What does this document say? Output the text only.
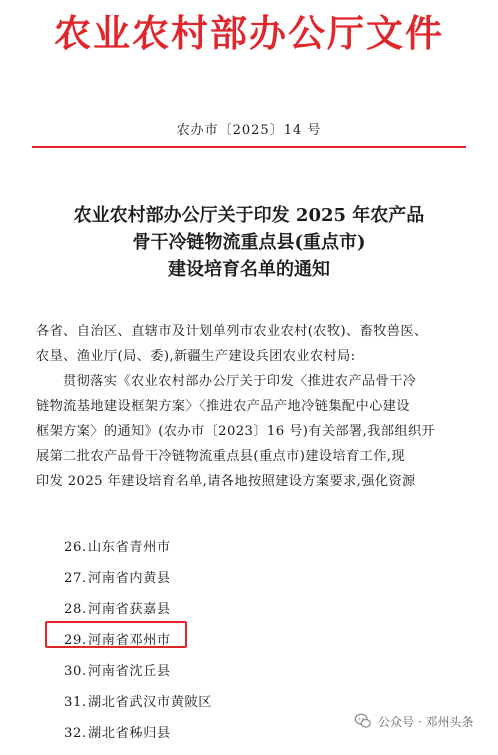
农业农村部办公厅文件
农办市〔2025〕14 号
农业农村部办公厅关于印发 2025 年农产品
骨干冷链物流重点县(重点市)
建设培育名单的通知

各省、自治区、直辖市及计划单列市农业农村(农牧)、畜牧兽医、

农垦、渔业厅(局、委),新疆生产建设兵团农业农村局:

贯彻落实《农业农村部办公厅关于印发〈推进农产品骨干冷

链物流基地建设框架方案〉〈推进农产品产地冷链集配中心建设

框架方案〉的通知》(农办市〔2023〕16 号)有关部署,我部组织开

展第二批农产品骨干冷链物流重点县(重点市)建设培育工作,现

印发 2025 年建设培育名单,请各地按照建设方案要求,强化资源

26.山东省青州市
27.河南省内黄县
28.河南省获嘉县
29.河南省邓州市
30.河南省沈丘县
31.湖北省武汉市黄陂区
32.湖北省秭归县
公众号 · 邓州头条
